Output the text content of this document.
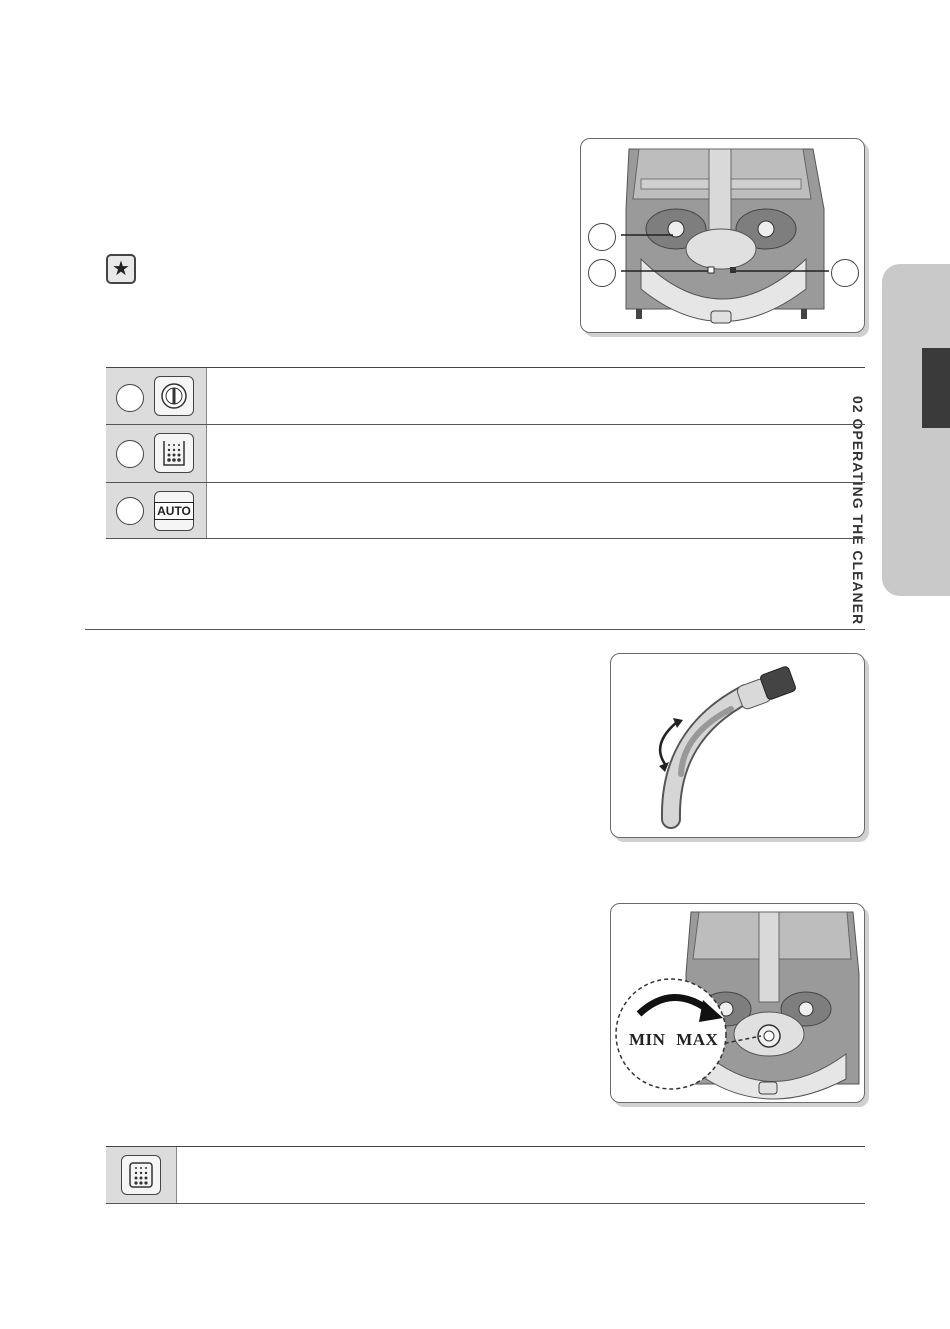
02 OPERATING THE CLEANER
★
AUTO
MIN MAX
